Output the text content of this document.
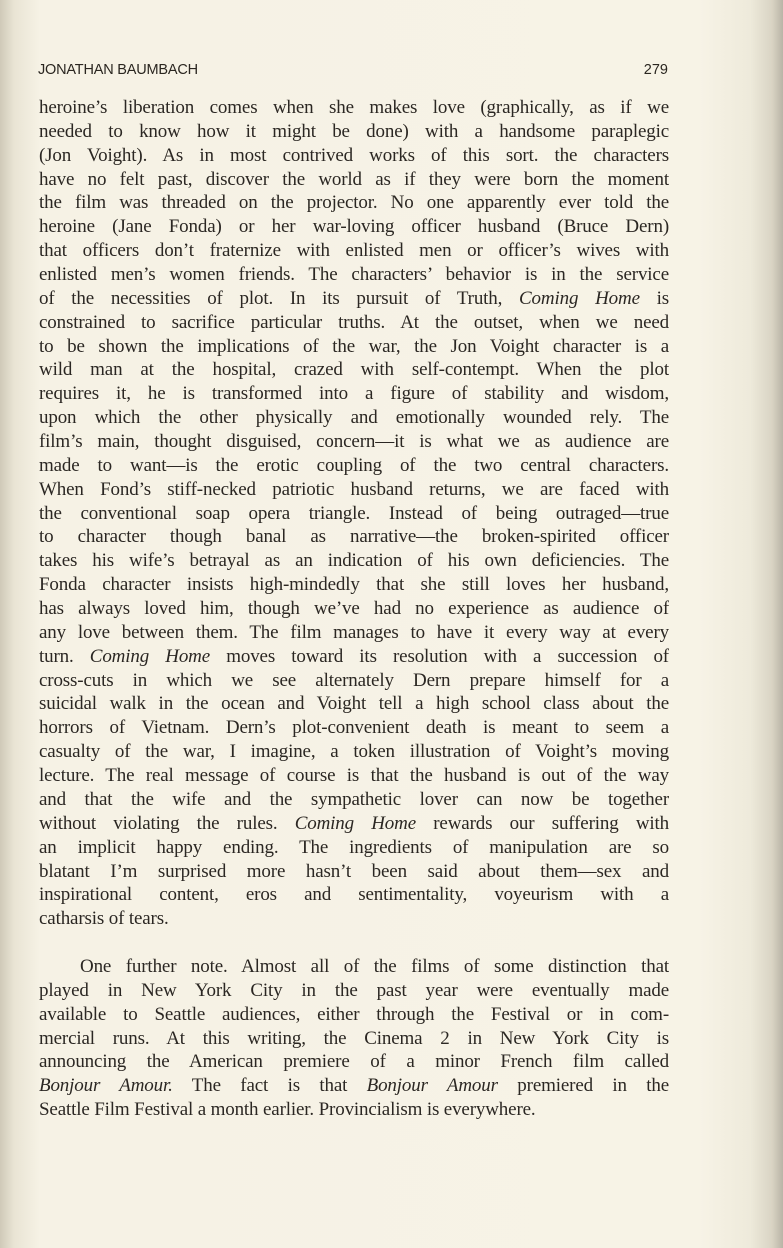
JONATHAN BAUMBACH	279
heroine’s liberation comes when she makes love (graphically, as if we
needed to know how it might be done) with a handsome paraplegic
(Jon Voight). As in most contrived works of this sort. the characters
have no felt past, discover the world as if they were born the moment
the film was threaded on the projector. No one apparently ever told the
heroine (Jane Fonda) or her war-loving officer husband (Bruce Dern)
that officers don’t fraternize with enlisted men or officer’s wives with
enlisted men’s women friends. The characters’ behavior is in the service
of the necessities of plot. In its pursuit of Truth, Coming Home is
constrained to sacrifice particular truths. At the outset, when we need
to be shown the implications of the war, the Jon Voight character is a
wild man at the hospital, crazed with self-contempt. When the plot
requires it, he is transformed into a figure of stability and wisdom,
upon which the other physically and emotionally wounded rely. The
film’s main, thought disguised, concern—it is what we as audience are
made to want—is the erotic coupling of the two central characters.
When Fond’s stiff-necked patriotic husband returns, we are faced with
the conventional soap opera triangle. Instead of being outraged—true
to character though banal as narrative—the broken-spirited officer
takes his wife’s betrayal as an indication of his own deficiencies. The
Fonda character insists high-mindedly that she still loves her husband,
has always loved him, though we’ve had no experience as audience of
any love between them. The film manages to have it every way at every
turn. Coming Home moves toward its resolution with a succession of
cross-cuts in which we see alternately Dern prepare himself for a
suicidal walk in the ocean and Voight tell a high school class about the
horrors of Vietnam. Dern’s plot-convenient death is meant to seem a
casualty of the war, I imagine, a token illustration of Voight’s moving
lecture. The real message of course is that the husband is out of the way
and that the wife and the sympathetic lover can now be together
without violating the rules. Coming Home rewards our suffering with
an implicit happy ending. The ingredients of manipulation are so
blatant I’m surprised more hasn’t been said about them—sex and
inspirational content, eros and sentimentality, voyeurism with a
catharsis of tears.
One further note. Almost all of the films of some distinction that
played in New York City in the past year were eventually made
available to Seattle audiences, either through the Festival or in com-
mercial runs. At this writing, the Cinema 2 in New York City is
announcing the American premiere of a minor French film called
Bonjour Amour. The fact is that Bonjour Amour premiered in the
Seattle Film Festival a month earlier. Provincialism is everywhere.
